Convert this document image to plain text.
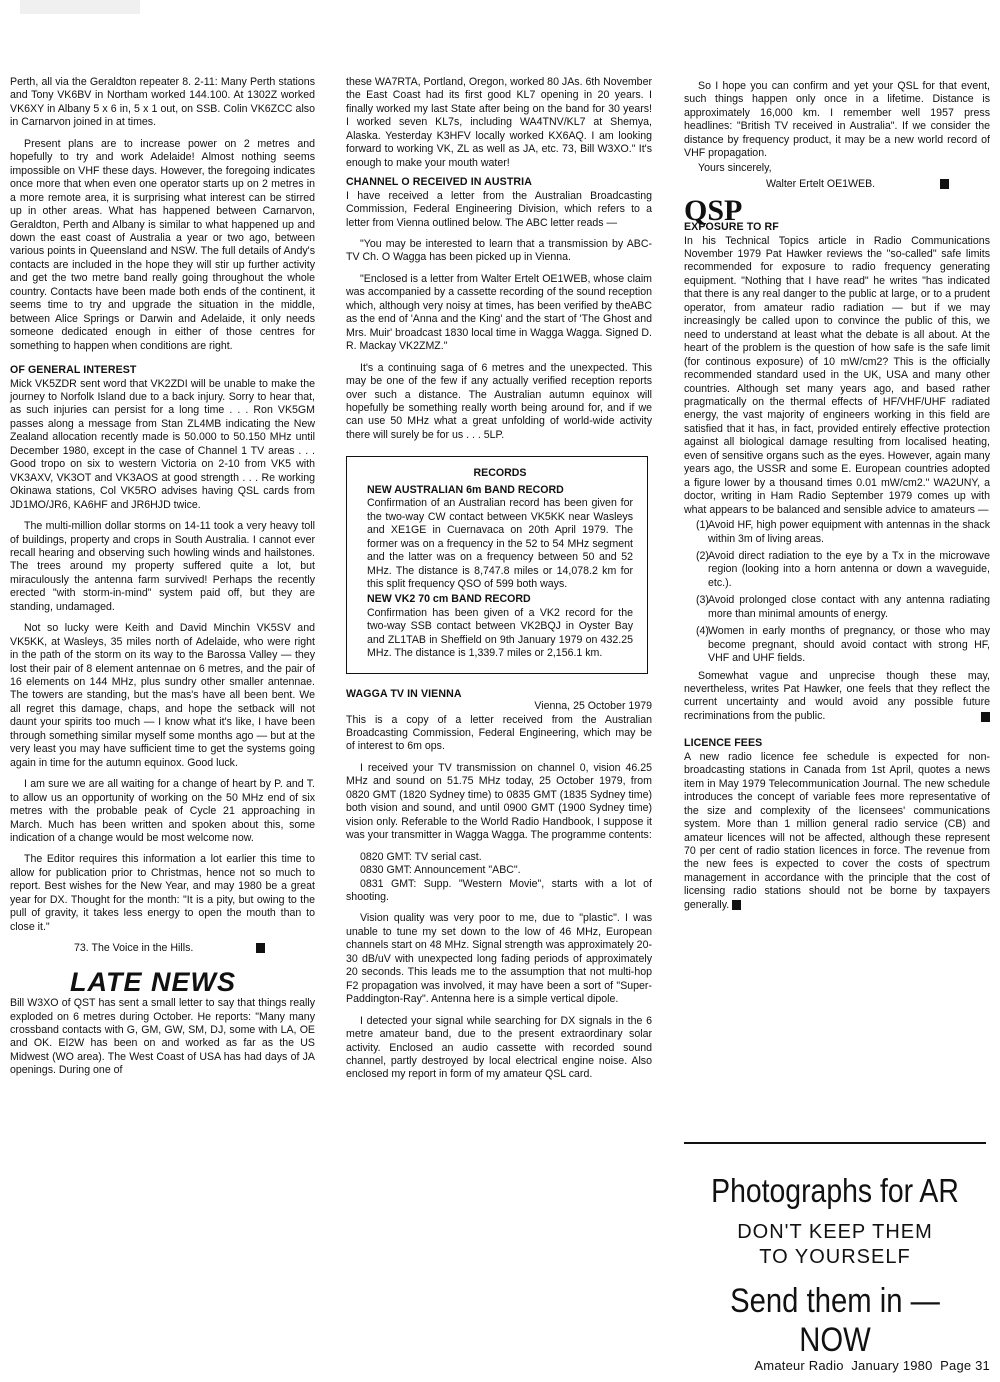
Perth, all via the Geraldton repeater 8. 2-11: Many Perth stations and Tony VK6BV in Northam worked 144.100. At 1302Z worked VK6XY in Albany 5 x 6 in, 5 x 1 out, on SSB. Colin VK6ZCC also in Carnarvon joined in at times.

Present plans are to increase power on 2 metres and hopefully to try and work Adelaide! Almost nothing seems impossible on VHF these days. However, the foregoing indicates once more that when even one operator starts up on 2 metres in a more remote area, it is surprising what interest can be stirred up in other areas. What has happened between Carnarvon, Geraldton, Perth and Albany is similar to what happened up and down the east coast of Australia a year or two ago, between various points in Queensland and NSW. The full details of Andy's contacts are included in the hope they will stir up further activity and get the two metre band really going throughout the whole country. Contacts have been made both ends of the continent, it seems time to try and upgrade the situation in the middle, between Alice Springs or Darwin and Adelaide, it only needs someone dedicated enough in either of those centres for something to happen when conditions are right.

OF GENERAL INTEREST

Mick VK5ZDR sent word that VK2ZDI will be unable to make the journey to Norfolk Island due to a back injury. Sorry to hear that, as such injuries can persist for a long time . . . Ron VK5GM passes along a message from Stan ZL4MB indicating the New Zealand allocation recently made is 50.000 to 50.150 MHz until December 1980, except in the case of Channel 1 TV areas . . . Good tropo on six to western Victoria on 2-10 from VK5 with VK3AXV, VK3OT and VK3AOS at good strength . . . Re working Okinawa stations, Col VK5RO advises having QSL cards from JD1MO/JR6, KA6HF and JR6HJD twice.

The multi-million dollar storms on 14-11 took a very heavy toll of buildings, property and crops in South Australia. I cannot ever recall hearing and observing such howling winds and hailstones. The trees around my property suffered quite a lot, but miraculously the antenna farm survived! Perhaps the recently erected "with storm-in-mind" system paid off, but they are standing, undamaged.

Not so lucky were Keith and David Minchin VK5SV and VK5KK, at Wasleys, 35 miles north of Adelaide, who were right in the path of the storm on its way to the Barossa Valley — they lost their pair of 8 element antennae on 6 metres, and the pair of 16 elements on 144 MHz, plus sundry other smaller antennae. The towers are standing, but the mas's have all been bent. We all regret this damage, chaps, and hope the setback will not daunt your spirits too much — I know what it's like, I have been through something similar myself some months ago — but at the very least you may have sufficient time to get the systems going again in time for the autumn equinox. Good luck.

I am sure we are all waiting for a change of heart by P. and T. to allow us an opportunity of working on the 50 MHz end of six metres with the probable peak of Cycle 21 approaching in March. Much has been written and spoken about this, some indication of a change would be most welcome now.

The Editor requires this information a lot earlier this time to allow for publication prior to Christmas, hence not so much to report. Best wishes for the New Year, and may 1980 be a great year for DX. Thought for the month: "It is a pity, but owing to the pull of gravity, it takes less energy to open the mouth than to close it."

73. The Voice in the Hills.

LATE NEWS

Bill W3XO of QST has sent a small letter to say that things really exploded on 6 metres during October. He reports: "Many many crossband contacts with G, GM, GW, SM, DJ, some with LA, OE and OK. EI2W has been on and worked as far as the US Midwest (WO area). The West Coast of USA has had days of JA openings. During one of

these WA7RTA, Portland, Oregon, worked 80 JAs. 6th November the East Coast had its first good KL7 opening in 20 years. I finally worked my last State after being on the band for 30 years! I worked seven KL7s, including WA4TNV/KL7 at Shemya, Alaska. Yesterday K3HFV locally worked KX6AQ. I am looking forward to working VK, ZL as well as JA, etc. 73, Bill W3XO." It's enough to make your mouth water!

CHANNEL O RECEIVED IN AUSTRIA

I have received a letter from the Australian Broadcasting Commission, Federal Engineering Division, which refers to a letter from Vienna outlined below. The ABC letter reads —

"You may be interested to learn that a transmission by ABC-TV Ch. O Wagga has been picked up in Vienna.

"Enclosed is a letter from Walter Ertelt OE1WEB, whose claim was accompanied by a cassette recording of the sound reception which, although very noisy at times, has been verified by theABC as the end of 'Anna and the King' and the start of 'The Ghost and Mrs. Muir' broadcast 1830 local time in Wagga Wagga. Signed D. R. Mackay VK2ZMZ."

It's a continuing saga of 6 metres and the unexpected. This may be one of the few if any actually verified reception reports over such a distance. The Australian autumn equinox will hopefully be something really worth being around for, and if we can use 50 MHz what a great unfolding of world-wide activity there will surely be for us . . . 5LP.

RECORDS
NEW AUSTRALIAN 6m BAND RECORD

Confirmation of an Australian record has been given for the two-way CW contact between VK5KK near Wasleys and XE1GE in Cuernavaca on 20th April 1979. The former was on a frequency in the 52 to 54 MHz segment and the latter was on a frequency between 50 and 52 MHz. The distance is 8,747.8 miles or 14,078.2 km for this split frequency QSO of 599 both ways.

NEW VK2 70 cm BAND RECORD

Confirmation has been given of a VK2 record for the two-way SSB contact between VK2BQJ in Oyster Bay and ZL1TAB in Sheffield on 9th January 1979 on 432.25 MHz. The distance is 1,339.7 miles or 2,156.1 km.

WAGGA TV IN VIENNA
Vienna, 25 October 1979

This is a copy of a letter received from the Australian Broadcasting Commission, Federal Engineering, which may be of interest to 6m ops.

I received your TV transmission on channel 0, vision 46.25 MHz and sound on 51.75 MHz today, 25 October 1979, from 0820 GMT (1820 Sydney time) to 0835 GMT (1835 Sydney time) both vision and sound, and until 0900 GMT (1900 Sydney time) vision only. Referable to the World Radio Handbook, I suppose it was your transmitter in Wagga Wagga. The programme contents:

0820 GMT: TV serial cast.

0830 GMT: Announcement "ABC".

0831 GMT: Supp. "Western Movie", starts with a lot of shooting.

Vision quality was very poor to me, due to "plastic". I was unable to tune my set down to the low of 46 MHz, European channels start on 48 MHz. Signal strength was approximately 20-30 dB/uV with unexpected long fading periods of approximately 20 seconds. This leads me to the assumption that not multi-hop F2 propagation was involved, it may have been a sort of "Super-Paddington-Ray". Antenna here is a simple vertical dipole.

I detected your signal while searching for DX signals in the 6 metre amateur band, due to the present extraordinary solar activity. Enclosed an audio cassette with recorded sound channel, partly destroyed by local electrical engine noise. Also enclosed my report in form of my amateur QSL card.

So I hope you can confirm and yet your QSL for that event, such things happen only once in a lifetime. Distance is approximately 16,000 km. I remember well 1957 press headlines: "British TV received in Australia". If we consider the distance by frequency product, it may be a new world record of VHF propagation.

Yours sincerely,

Walter Ertelt OE1WEB.

QSP
EXPOSURE TO RF

In his Technical Topics article in Radio Communications November 1979 Pat Hawker reviews the "so-called" safe limits recommended for exposure to radio frequency generating equipment. "Nothing that I have read" he writes "has indicated that there is any real danger to the public at large, or to a prudent operator, from amateur radio radiation — but if we may increasingly be called upon to convince the public of this, we need to understand at least what the debate is all about. At the heart of the problem is the question of how safe is the safe limit (for continous exposure) of 10 mW/cm2? This is the officially recommended standard used in the UK, USA and many other countries. Although set many years ago, and based rather pragmatically on the thermal effects of HF/VHF/UHF radiated energy, the vast majority of engineers working in this field are satisfied that it has, in fact, provided entirely effective protection against all biological damage resulting from localised heating, even of sensitive organs such as the eyes. However, again many years ago, the USSR and some E. European countries adopted a figure lower by a thousand times 0.01 mW/cm2." WA2UNY, a doctor, writing in Ham Radio September 1979 comes up with what appears to be balanced and sensible advice to amateurs —

(1) Avoid HF, high power equipment with antennas in the shack within 3m of living areas.
(2) Avoid direct radiation to the eye by a Tx in the microwave region (looking into a horn antenna or down a waveguide, etc.).
(3) Avoid prolonged close contact with any antenna radiating more than minimal amounts of energy.
(4) Women in early months of pregnancy, or those who may become pregnant, should avoid contact with strong HF, VHF and UHF fields.

Somewhat vague and unprecise though these may, nevertheless, writes Pat Hawker, one feels that they reflect the current uncertainty and would avoid any possible future recriminations from the public.

LICENCE FEES

A new radio licence fee schedule is expected for non-broadcasting stations in Canada from 1st April, quotes a news item in May 1979 Telecommunication Journal. The new schedule introduces the concept of variable fees more representative of the size and complexity of the licensees' communications system. More than 1 million general radio service (CB) and amateur licences will not be affected, although these represent 70 per cent of radio station licences in force. The revenue from the new fees is expected to cover the costs of spectrum management in accordance with the principle that the cost of licensing radio stations should not be borne by taxpayers generally.

Photographs for AR
DON'T KEEP THEM
TO YOURSELF
Send them in — NOW
Amateur Radio  January 1980  Page 31
